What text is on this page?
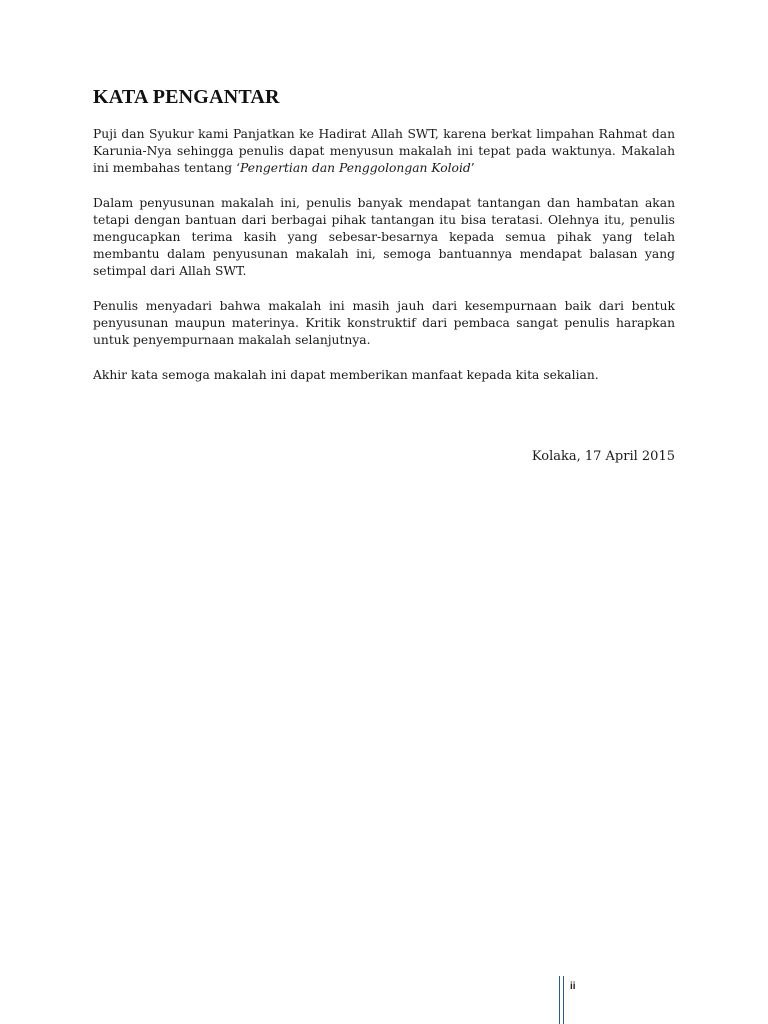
KATA PENGANTAR

Puji dan Syukur kami Panjatkan ke Hadirat Allah SWT, karena berkat limpahan Rahmat dan Karunia-Nya sehingga penulis dapat menyusun makalah ini tepat pada waktunya. Makalah ini membahas tentang ‘Pengertian dan Penggolongan Koloid’

Dalam penyusunan makalah ini, penulis banyak mendapat tantangan dan hambatan akan tetapi dengan bantuan dari berbagai pihak tantangan itu bisa teratasi. Olehnya itu, penulis mengucapkan terima kasih yang sebesar-besarnya kepada semua pihak yang telah membantu dalam penyusunan makalah ini, semoga bantuannya mendapat balasan yang setimpal dari Allah SWT.

Penulis menyadari bahwa makalah ini masih jauh dari kesempurnaan baik dari bentuk penyusunan maupun materinya. Kritik konstruktif dari pembaca sangat penulis harapkan untuk penyempurnaan makalah selanjutnya.

Akhir kata semoga makalah ini dapat memberikan manfaat kepada kita sekalian.

Kolaka, 17 April 2015
ii
